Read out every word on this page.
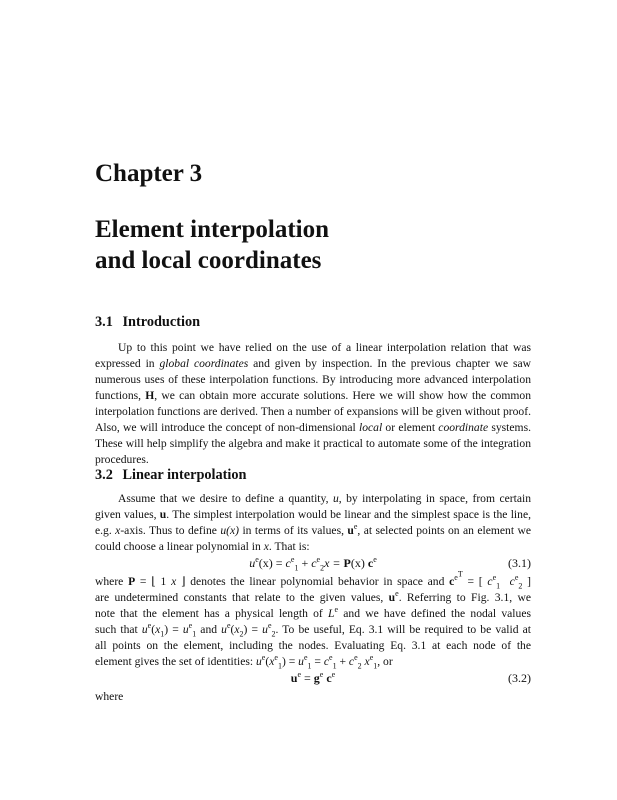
Chapter 3
Element interpolation
and local coordinates
3.1 Introduction
Up to this point we have relied on the use of a linear interpolation relation that was expressed in global coordinates and given by inspection. In the previous chapter we saw numerous uses of these interpolation functions. By introducing more advanced interpolation functions, H, we can obtain more accurate solutions. Here we will show how the common interpolation functions are derived. Then a number of expansions will be given without proof. Also, we will introduce the concept of non-dimensional local or element coordinate systems. These will help simplify the algebra and make it practical to automate some of the integration procedures.
3.2 Linear interpolation
Assume that we desire to define a quantity, u, by interpolating in space, from certain given values, u. The simplest interpolation would be linear and the simplest space is the line, e.g. x-axis. Thus to define u(x) in terms of its values, $u^e$, at selected points on an element we could choose a linear polynomial in x. That is:
$u^e(x) = c^e_1 + c^e_2x = P(x)$ $c^e$	(3.1)
where P = ⌊ 1 x ⌋ denotes the linear polynomial behavior in space and $c^{e^T}$ = [ $c^e_1$ $c^e_2$ ]
are undetermined constants that relate to the given values, $u^e$. Referring to Fig. 3.1, we
note that the element has a physical length of Le and we have defined the nodal values
such that $u^e(x_1) = u^e_1$ and $u^e(x_2) = u^e_2$. To be useful, Eq. 3.1 will be required to be valid at
all points on the element, including the nodes. Evaluating Eq. 3.1 at each node of the
element gives the set of identities: $u^e(x^e_1) = u^e_1 = c^e_1 + c^e_2$ $x^e_1$, or
$u^e = g^e$ $c^e$	(3.2)
where
